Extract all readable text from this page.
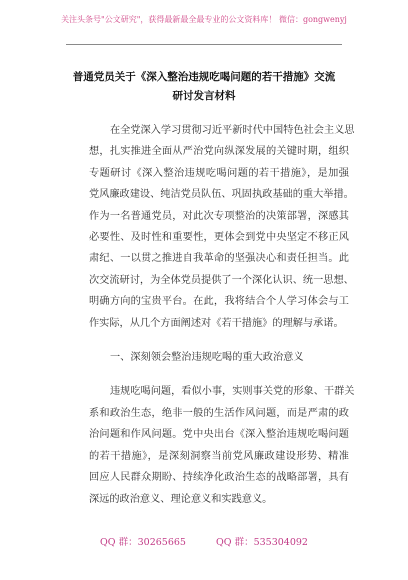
关注头条号"公文研究"，获得最新最全最专业的公文资料库！ 微信：gongwenyj
普通党员关于《深入整治违规吃喝问题的若干措施》交流
研讨发言材料
在全党深入学习贯彻习近平新时代中国特色社会主义思
想，扎实推进全面从严治党向纵深发展的关键时期，组织
专题研讨《深入整治违规吃喝问题的若干措施》，是加强
党风廉政建设、纯洁党员队伍、巩固执政基础的重大举措。
作为一名普通党员，对此次专项整治的决策部署，深感其
必要性、及时性和重要性，更体会到党中央坚定不移正风
肃纪、一以贯之推进自我革命的坚强决心和责任担当。此
次交流研讨，为全体党员提供了一个深化认识、统一思想、
明确方向的宝贵平台。在此，我将结合个人学习体会与工
作实际，从几个方面阐述对《若干措施》的理解与承诺。
一、深刻领会整治违规吃喝的重大政治意义
违规吃喝问题，看似小事，实则事关党的形象、干群关
系和政治生态，绝非一般的生活作风问题，而是严肃的政
治问题和作风问题。党中央出台《深入整治违规吃喝问题
的若干措施》，是深刻洞察当前党风廉政建设形势、精准
回应人民群众期盼、持续净化政治生态的战略部署，具有
深远的政治意义、理论意义和实践意义。
QQ 群：30265665	QQ 群：535304092
